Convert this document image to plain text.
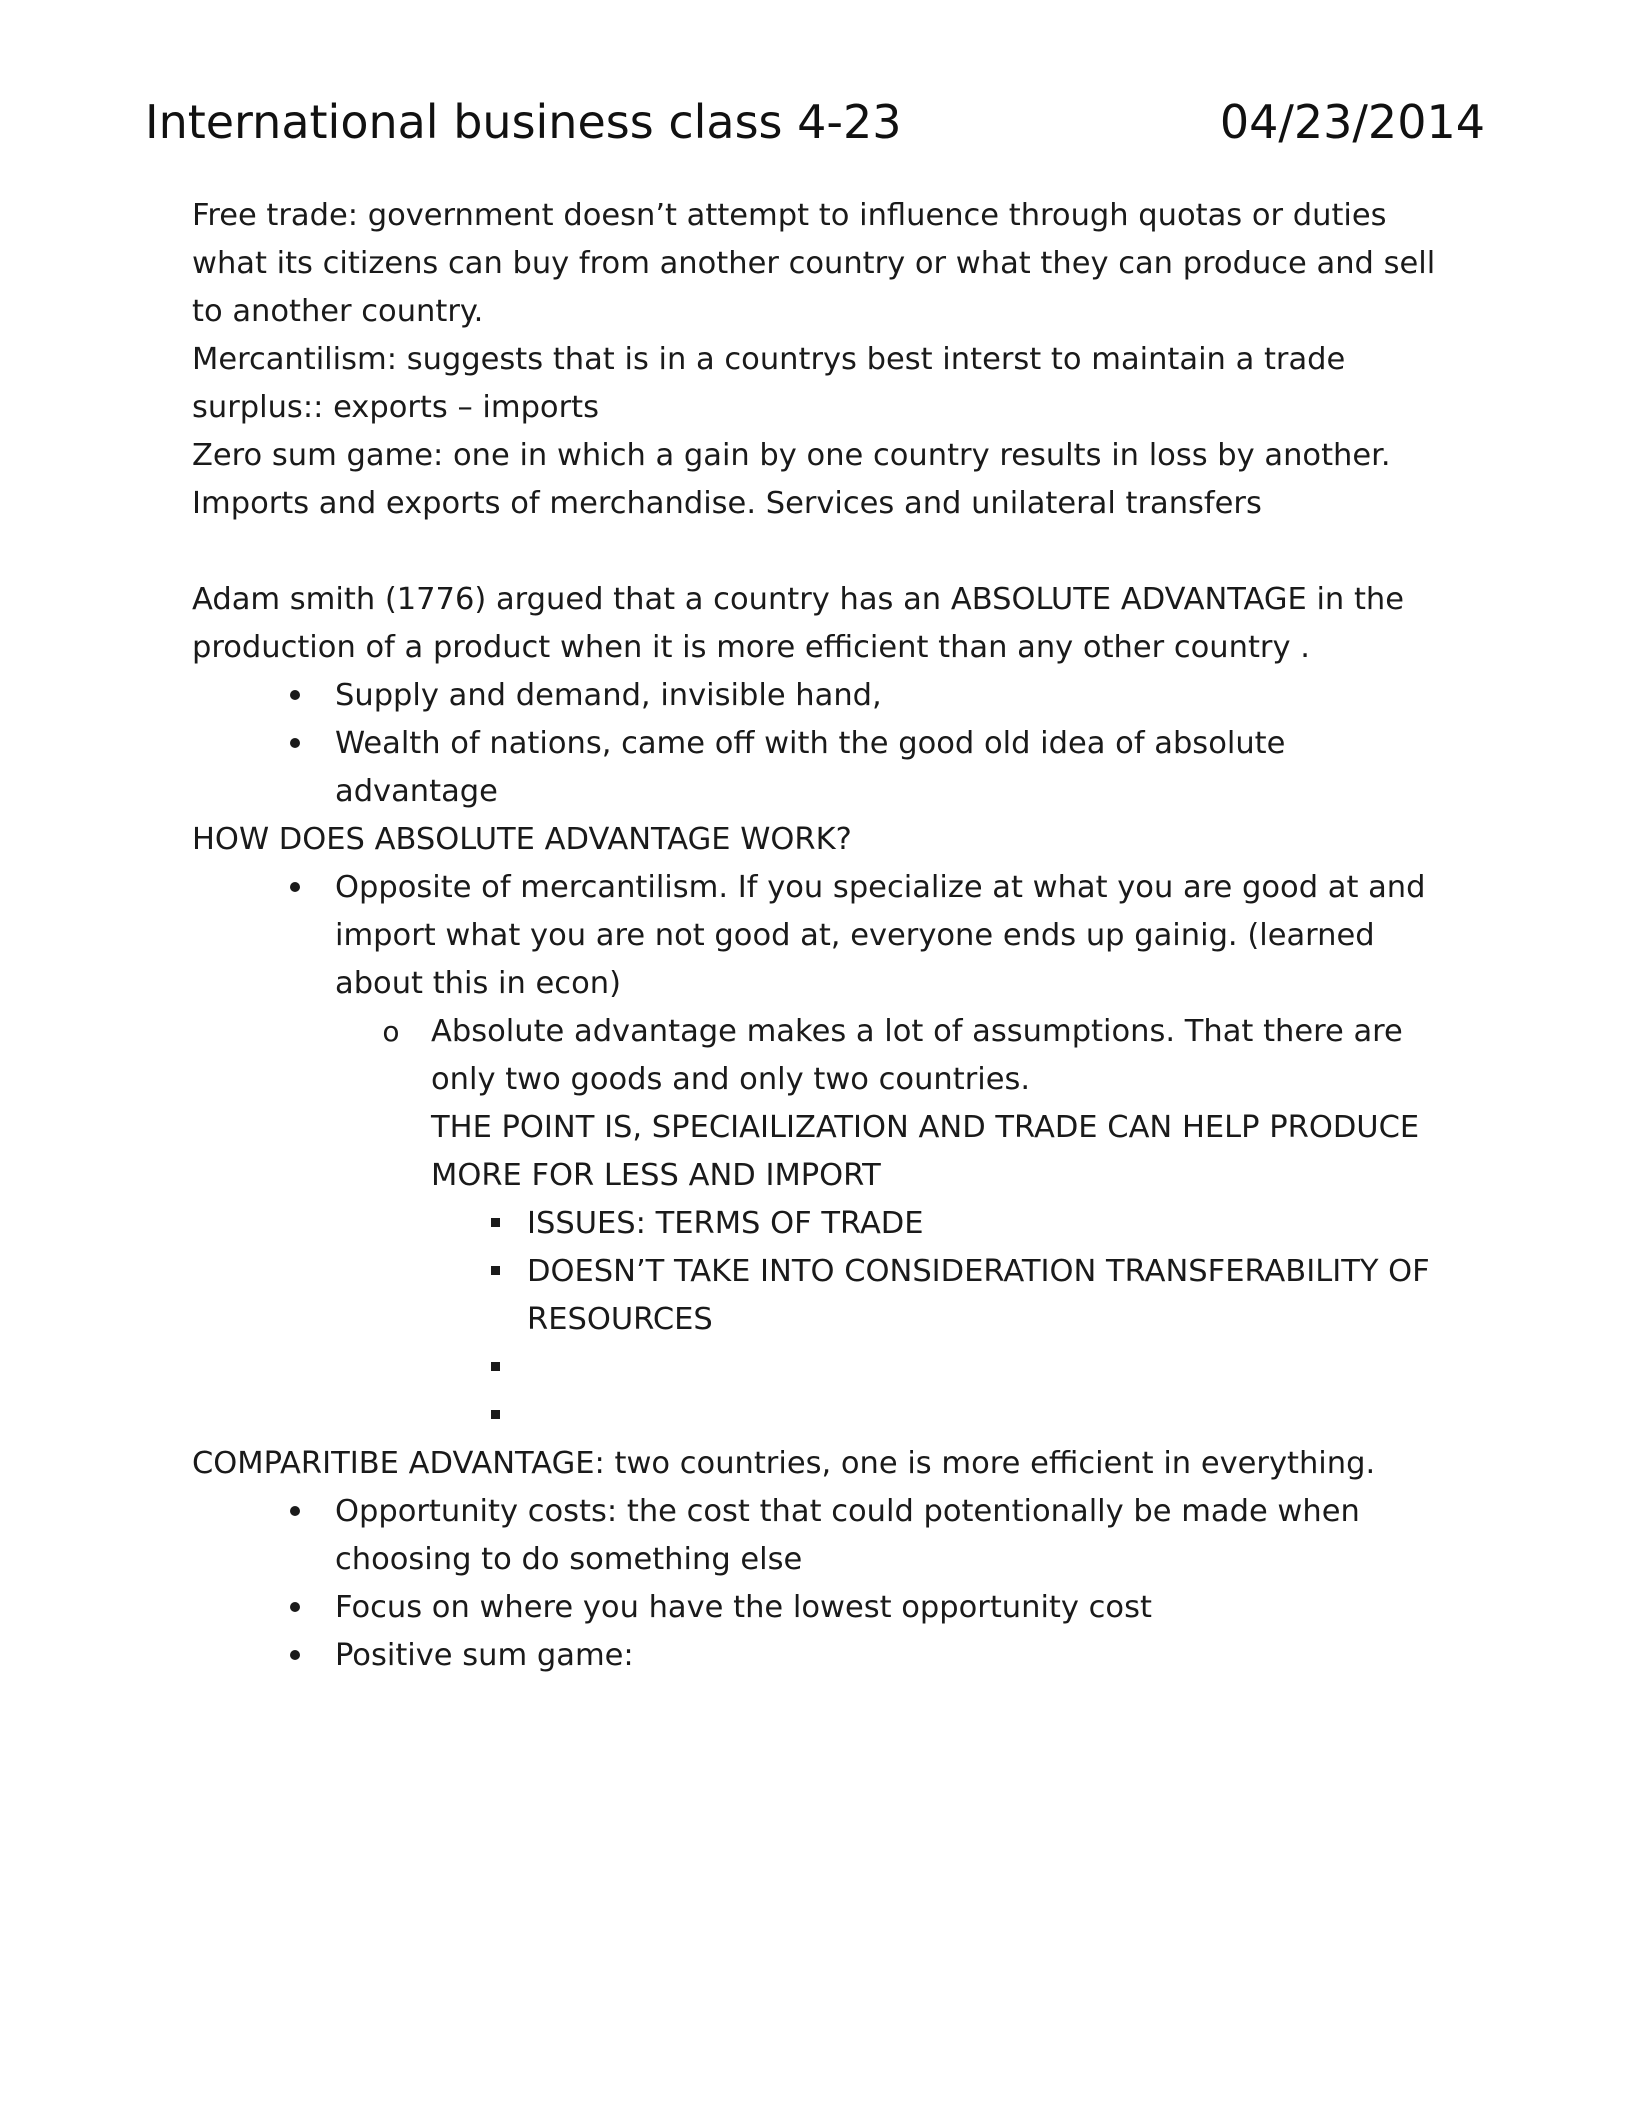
International business class 4-23	04/23/2014

Free trade: government doesn’t attempt to influence through quotas or duties what its citizens can buy from another country or what they can produce and sell to another country.

Mercantilism: suggests that is in a countrys best interst to maintain a trade surplus:: exports – imports

Zero sum game: one in which a gain by one country results in loss by another.

Imports and exports of merchandise. Services and unilateral transfers

Adam smith (1776) argued that a country has an ABSOLUTE ADVANTAGE in the production of a product when it is more efficient than any other country .

Supply and demand, invisible hand,
Wealth of nations, came off with the good old idea of absolute advantage

HOW DOES ABSOLUTE ADVANTAGE WORK?

Opposite of mercantilism. If you specialize at what you are good at and import what you are not good at, everyone ends up gainig. (learned about this in econ)
o Absolute advantage makes a lot of assumptions. That there are only two goods and only two countries.
THE POINT IS, SPECIAILIZATION AND TRADE CAN HELP PRODUCE MORE FOR LESS AND IMPORT
ISSUES: TERMS OF TRADE
DOESN’T TAKE INTO CONSIDERATION TRANSFERABILITY OF RESOURCES

COMPARITIBE ADVANTAGE: two countries, one is more efficient in everything.

Opportunity costs: the cost that could potentionally be made when choosing to do something else
Focus on where you have the lowest opportunity cost
Positive sum game:
